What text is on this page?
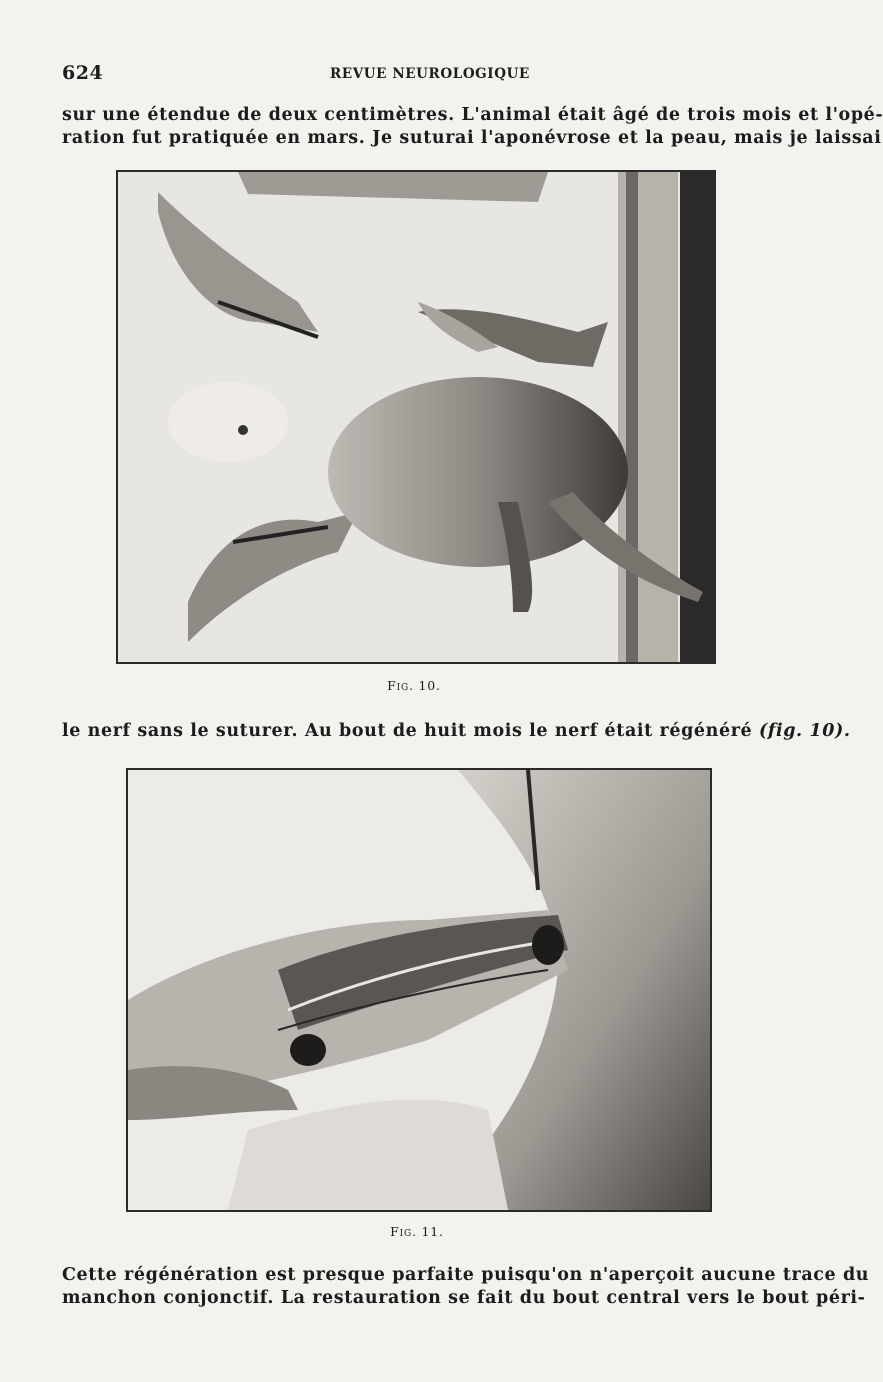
624	REVUE NEUROLOGIQUE

sur une étendue de deux centimètres. L'animal était âgé de trois mois et l'opé-
ration fut pratiquée en mars. Je suturai l'aponévrose et la peau, mais je laissai

Fig. 10.

le nerf sans le suturer. Au bout de huit mois le nerf était régénéré (fig. 10).

Fig. 11.

Cette régénération est presque parfaite puisqu'on n'aperçoit aucune trace du
manchon conjonctif. La restauration se fait du bout central vers le bout péri-
